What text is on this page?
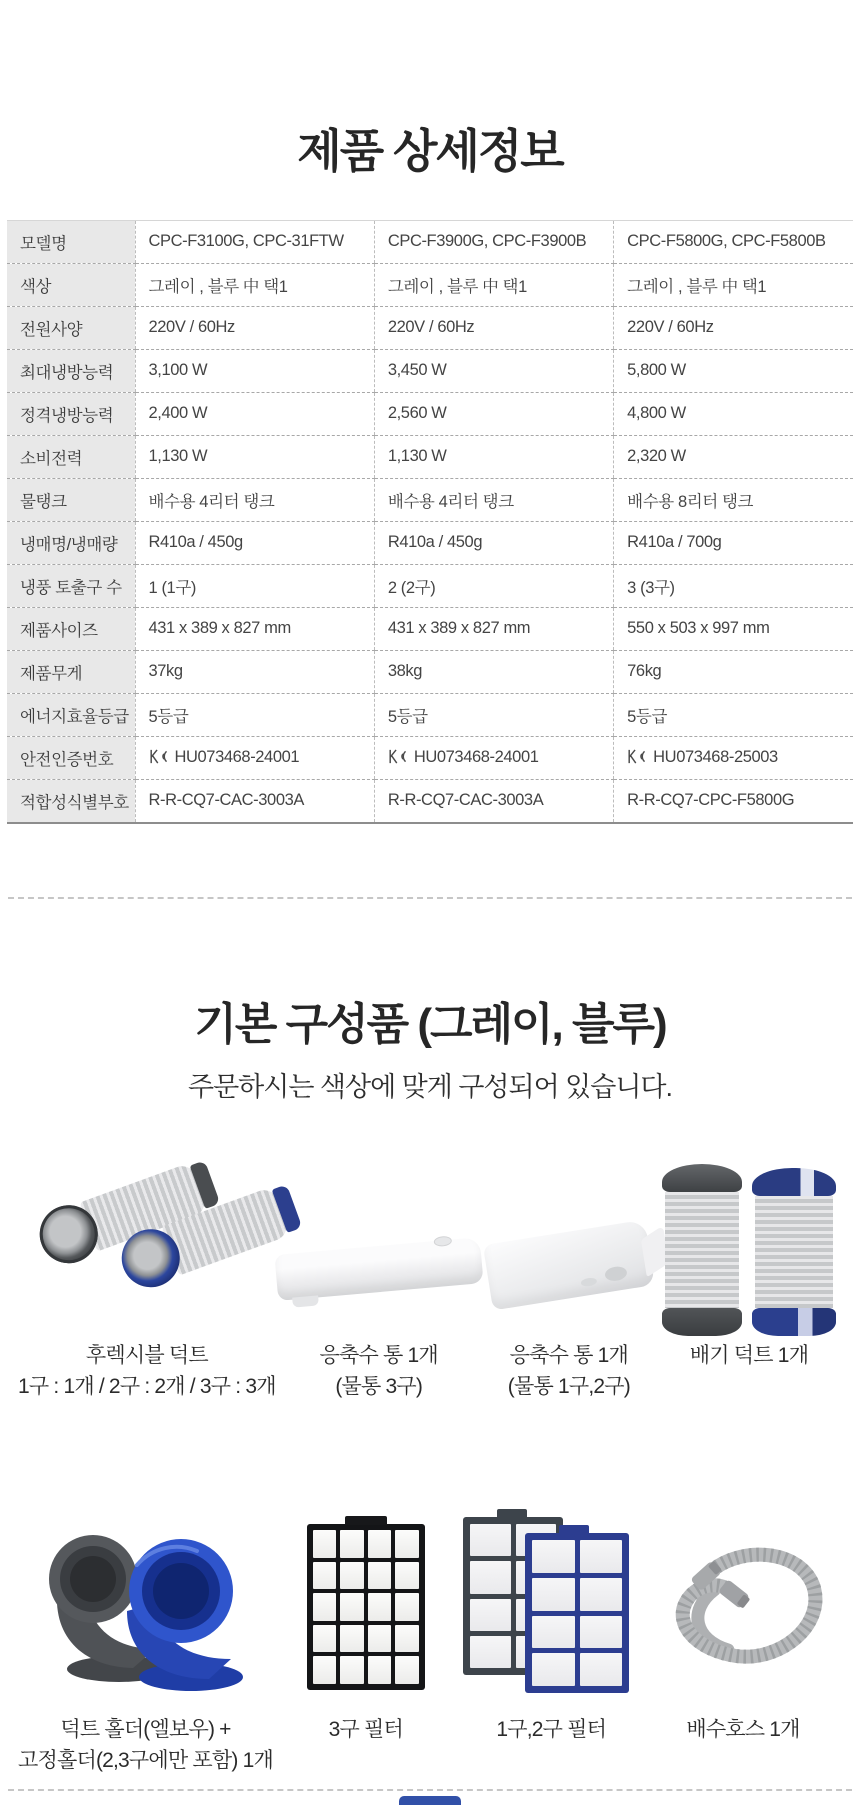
제품 상세정보
모델명	CPC-F3100G, CPC-31FTW	CPC-F3900G, CPC-F3900B	CPC-F5800G, CPC-F5800B
색상	그레이 , 블루 中 택1	그레이 , 블루 中 택1	그레이 , 블루 中 택1
전원사양	220V / 60Hz	220V / 60Hz	220V / 60Hz
최대냉방능력	3,100 W	3,450 W	5,800 W
정격냉방능력	2,400 W	2,560 W	4,800 W
소비전력	1,130 W	1,130 W	2,320 W
물탱크	배수용 4리터 탱크	배수용 4리터 탱크	배수용 8리터 탱크
냉매명/냉매량	R410a / 450g	R410a / 450g	R410a / 700g
냉풍 토출구 수	1 (1구)	2 (2구)	3 (3구)
제품사이즈	431 x 389 x 827 mm	431 x 389 x 827 mm	550 x 503 x 997 mm
제품무게	37kg	38kg	76kg
에너지효율등급	5등급	5등급	5등급
안전인증번호	HU073468-24001	HU073468-24001	HU073468-25003
적합성식별부호	R-R-CQ7-CAC-3003A	R-R-CQ7-CAC-3003A	R-R-CQ7-CPC-F5800G
기본 구성품 (그레이, 블루)
주문하시는 색상에 맞게 구성되어 있습니다.
후렉시블 덕트
1구 : 1개 / 2구 : 2개 / 3구 : 3개
응축수 통 1개
(물통 3구)
응축수 통 1개
(물통 1구,2구)
배기 덕트 1개
덕트 홀더(엘보우) +
고정홀더(2,3구에만 포함) 1개
3구 필터	1구,2구 필터	배수호스 1개
